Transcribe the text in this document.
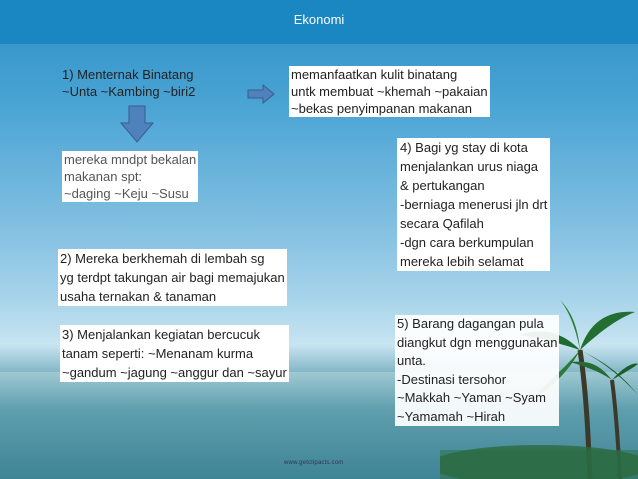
Ekonomi
1) Menternak Binatang
~Unta ~Kambing ~biri2
memanfaatkan kulit binatang
untk membuat ~khemah ~pakaian
~bekas penyimpanan makanan
mereka mndpt bekalan
makanan spt:
~daging ~Keju ~Susu
4) Bagi yg stay di kota
menjalankan urus niaga
& pertukangan
-berniaga menerusi jln drt
secara Qafilah
-dgn cara berkumpulan
mereka lebih selamat
2) Mereka berkhemah di lembah sg
yg terdpt takungan air bagi memajukan
usaha ternakan & tanaman
3) Menjalankan kegiatan bercucuk
tanam seperti: ~Menanam kurma
~gandum ~jagung ~anggur dan ~sayur
5) Barang dagangan pula
diangkut dgn menggunakan
unta.
-Destinasi tersohor
~Makkah ~Yaman ~Syam
~Yamamah ~Hirah
www.getclipacts.com
